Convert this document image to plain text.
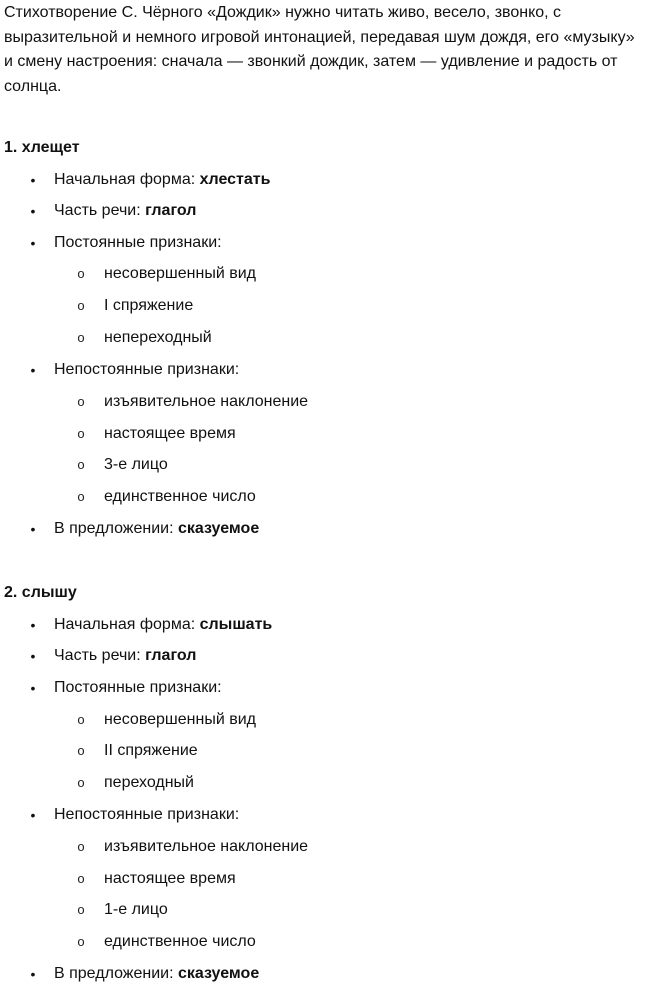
Стихотворение С. Чёрного «Дождик» нужно читать живо, весело, звонко, с выразительной и немного игровой интонацией, передавая шум дождя, его «музыку» и смену настроения: сначала — звонкий дождик, затем — удивление и радость от солнца.

1. хлещет
• Начальная форма: хлестать
• Часть речи: глагол
• Постоянные признаки:
o несовершенный вид
o I спряжение
o непереходный
• Непостоянные признаки:
o изъявительное наклонение
o настоящее время
o 3-е лицо
o единственное число
• В предложении: сказуемое
2. слышу
• Начальная форма: слышать
• Часть речи: глагол
• Постоянные признаки:
o несовершенный вид
o II спряжение
o переходный
• Непостоянные признаки:
o изъявительное наклонение
o настоящее время
o 1-е лицо
o единственное число
• В предложении: сказуемое
